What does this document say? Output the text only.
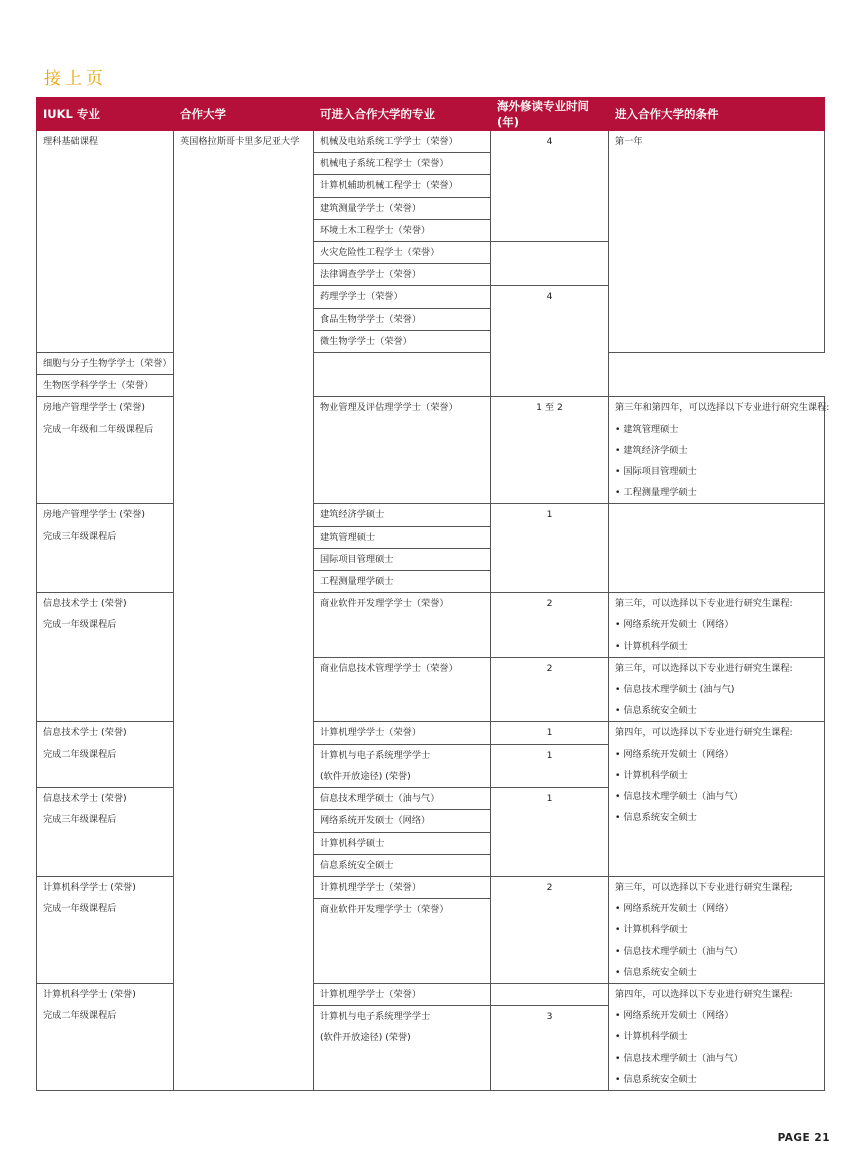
接上页
IUKL 专业	合作大学	可进入合作大学的专业	海外修读专业时间(年)	进入合作大学的条件

理科基础课程	英国格拉斯哥卡里多尼亚大学	机械及电站系统工学学士（荣誉）	4	第一年

		机械电子系统工程学士（荣誉）		

		计算机辅助机械工程学士（荣誉）		

		建筑测量学学士（荣誉）		

		环境土木工程学士（荣誉）		

		火灾危险性工程学士（荣誉）		

		法律调查学学士（荣誉）		

		药理学学士（荣誉）	4	

		食品生物学学士（荣誉）		

		微生物学学士（荣誉）		

细胞与分子生物学学士（荣誉）				

生物医学科学学士（荣誉）				

房地产管理学学士 (荣誉)
完成一年级和二年级课程后		物业管理及评估理学学士（荣誉）	1 至 2	第三年和第四年，可以选择以下专业进行研究生课程:
• 建筑管理硕士
• 建筑经济学硕士
• 国际项目管理硕士
• 工程测量理学硕士

房地产管理学学士 (荣誉)
完成三年级课程后		建筑经济学硕士	1	

		建筑管理硕士		

		国际项目管理硕士		

		工程测量理学硕士		

信息技术学士 (荣誉)
完成一年级课程后		商业软件开发理学学士（荣誉）	2	第三年，可以选择以下专业进行研究生课程:
• 网络系统开发硕士（网络）
• 计算机科学硕士

		商业信息技术管理学学士（荣誉）	2	第三年，可以选择以下专业进行研究生课程:
• 信息技术理学硕士 (油与气)
• 信息系统安全硕士

信息技术学士 (荣誉)
完成二年级课程后		计算机理学学士（荣誉）	1	第四年，可以选择以下专业进行研究生课程:
• 网络系统开发硕士（网络）
• 计算机科学硕士
• 信息技术理学硕士（油与气）
• 信息系统安全硕士

		计算机与电子系统理学学士
(软件开放途径) (荣誉)	1	

信息技术学士 (荣誉)
完成三年级课程后		信息技术理学硕士（油与气）	1	

		网络系统开发硕士（网络）		

		计算机科学硕士		

		信息系统安全硕士		

计算机科学学士 (荣誉)
完成一年级课程后		计算机理学学士（荣誉）	2	第三年，可以选择以下专业进行研究生课程;
• 网络系统开发硕士（网络）
• 计算机科学硕士
• 信息技术理学硕士（油与气）
• 信息系统安全硕士

		商业软件开发理学学士（荣誉）		

计算机科学学士 (荣誉)
完成二年级课程后		计算机理学学士（荣誉）		第四年，可以选择以下专业进行研究生课程:
• 网络系统开发硕士（网络）
• 计算机科学硕士
• 信息技术理学硕士（油与气）
• 信息系统安全硕士

		计算机与电子系统理学学士
(软件开放途径) (荣誉)	3	

PAGE 21
